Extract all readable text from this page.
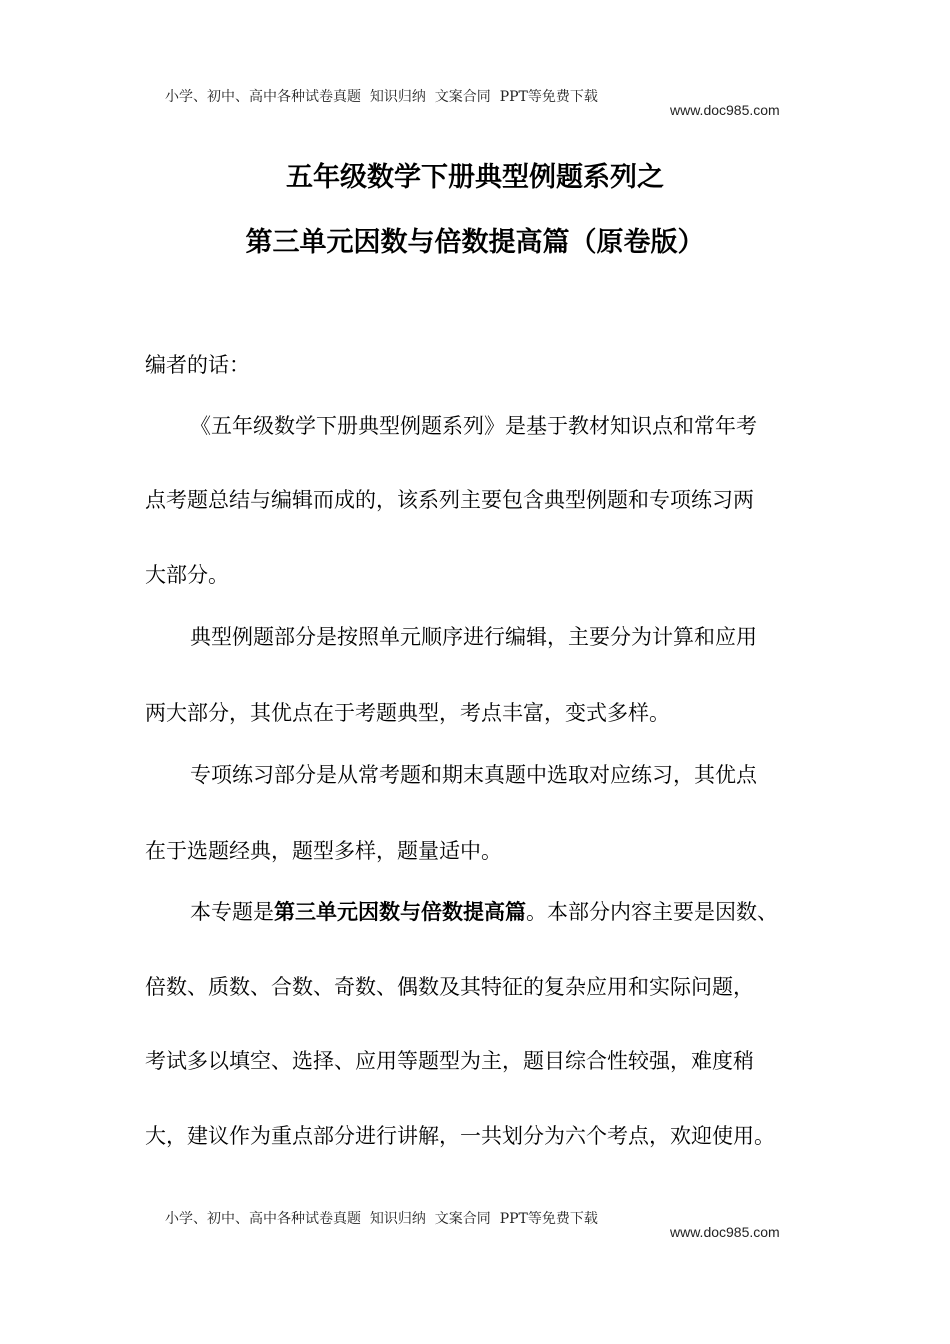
小学、初中、高中各种试卷真题  知识归纳  文案合同  PPT等免费下载

www.doc985.com

五年级数学下册典型例题系列之
第三单元因数与倍数提高篇（原卷版）
编者的话：
《五年级数学下册典型例题系列》是基于教材知识点和常年考
点考题总结与编辑而成的，该系列主要包含典型例题和专项练习两
大部分。
典型例题部分是按照单元顺序进行编辑，主要分为计算和应用
两大部分，其优点在于考题典型，考点丰富，变式多样。
专项练习部分是从常考题和期末真题中选取对应练习，其优点
在于选题经典，题型多样，题量适中。
本专题是第三单元因数与倍数提高篇。本部分内容主要是因数、
倍数、质数、合数、奇数、偶数及其特征的复杂应用和实际问题，
考试多以填空、选择、应用等题型为主，题目综合性较强，难度稍
大，建议作为重点部分进行讲解，一共划分为六个考点，欢迎使用。

小学、初中、高中各种试卷真题  知识归纳  文案合同  PPT等免费下载

www.doc985.com
